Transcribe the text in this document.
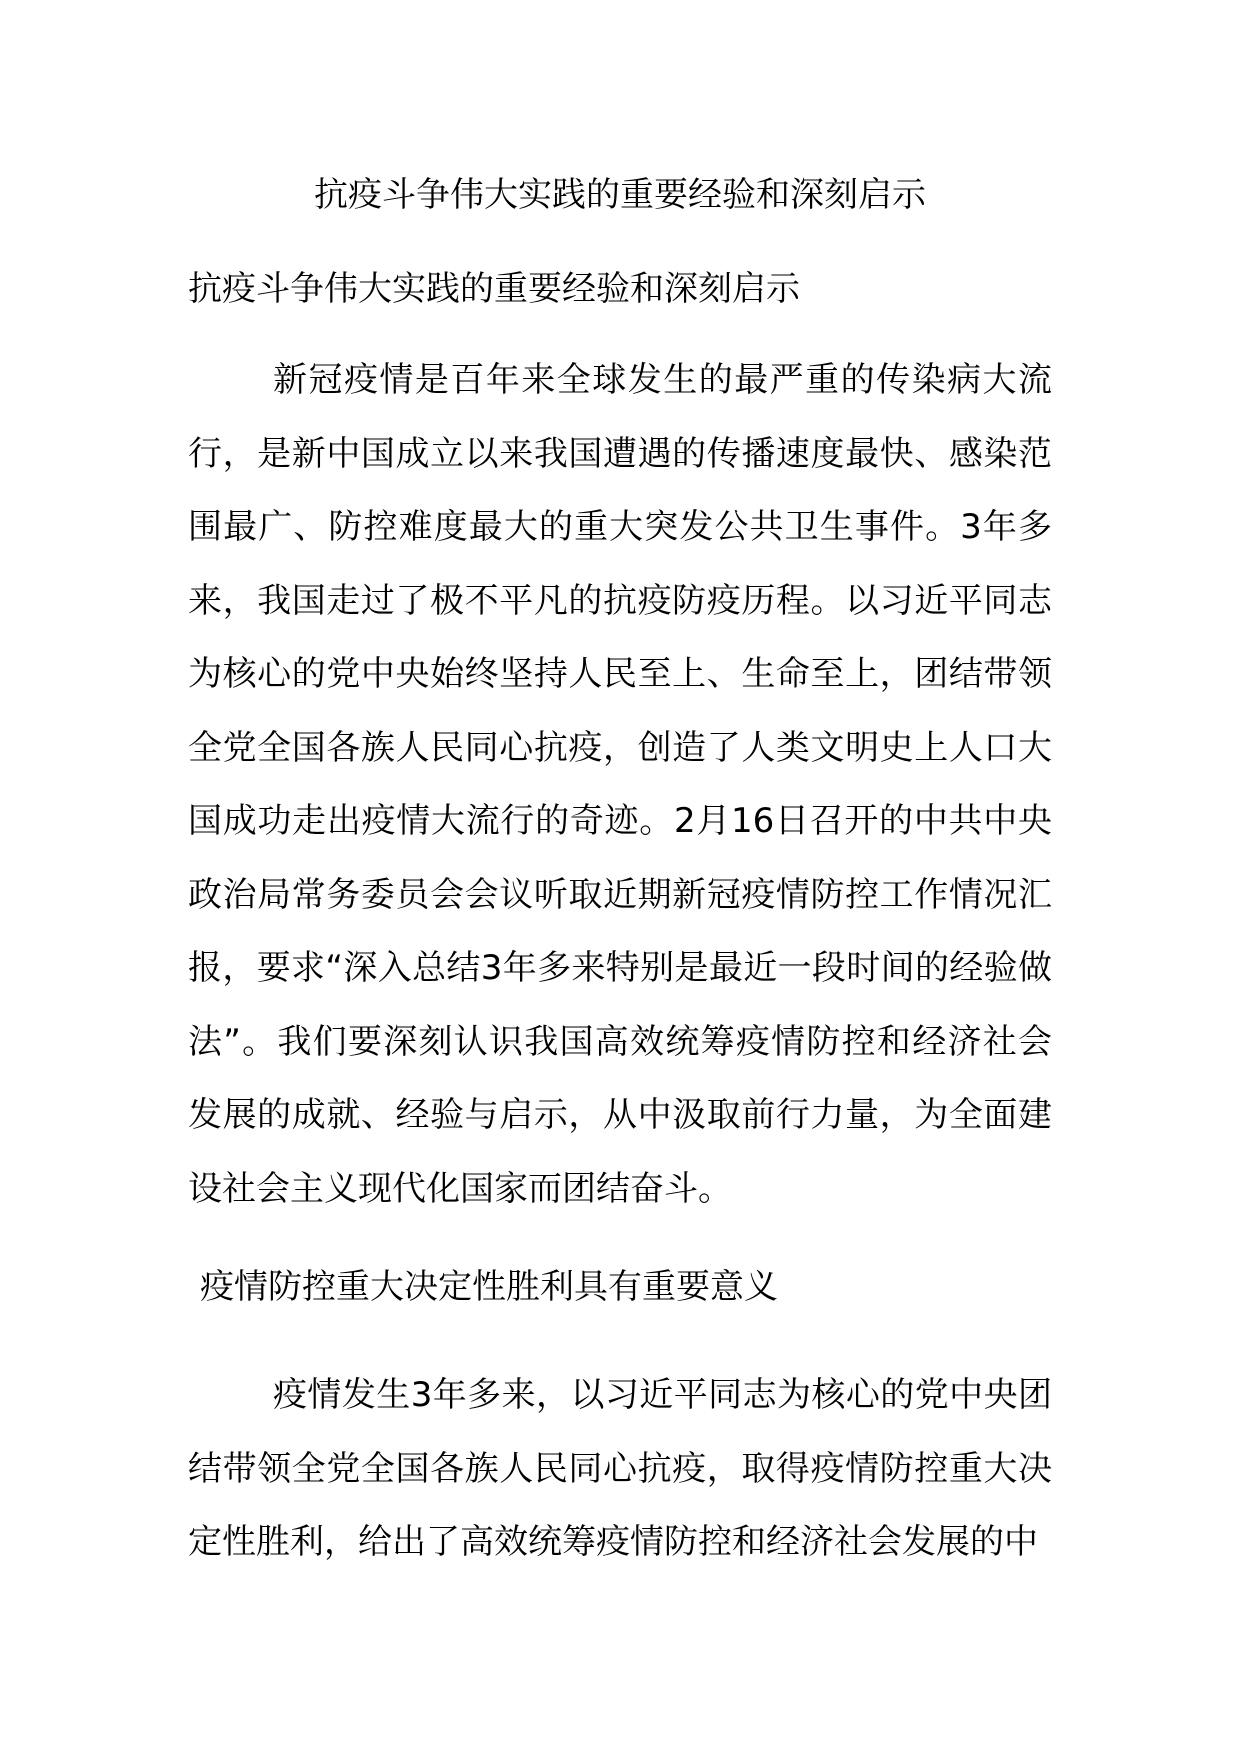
抗疫斗争伟大实践的重要经验和深刻启示
抗疫斗争伟大实践的重要经验和深刻启示

新冠疫情是百年来全球发生的最严重的传染病大流行，是新中国成立以来我国遭遇的传播速度最快、感染范围最广、防控难度最大的重大突发公共卫生事件。3年多来，我国走过了极不平凡的抗疫防疫历程。以习近平同志为核心的党中央始终坚持人民至上、生命至上，团结带领全党全国各族人民同心抗疫，创造了人类文明史上人口大国成功走出疫情大流行的奇迹。2月16日召开的中共中央政治局常务委员会会议听取近期新冠疫情防控工作情况汇报，要求“深入总结3年多来特别是最近一段时间的经验做法”。我们要深刻认识我国高效统筹疫情防控和经济社会发展的成就、经验与启示，从中汲取前行力量，为全面建设社会主义现代化国家而团结奋斗。

疫情防控重大决定性胜利具有重要意义

疫情发生3年多来，以习近平同志为核心的党中央团结带领全党全国各族人民同心抗疫，取得疫情防控重大决定性胜利，给出了高效统筹疫情防控和经济社会发展的中
